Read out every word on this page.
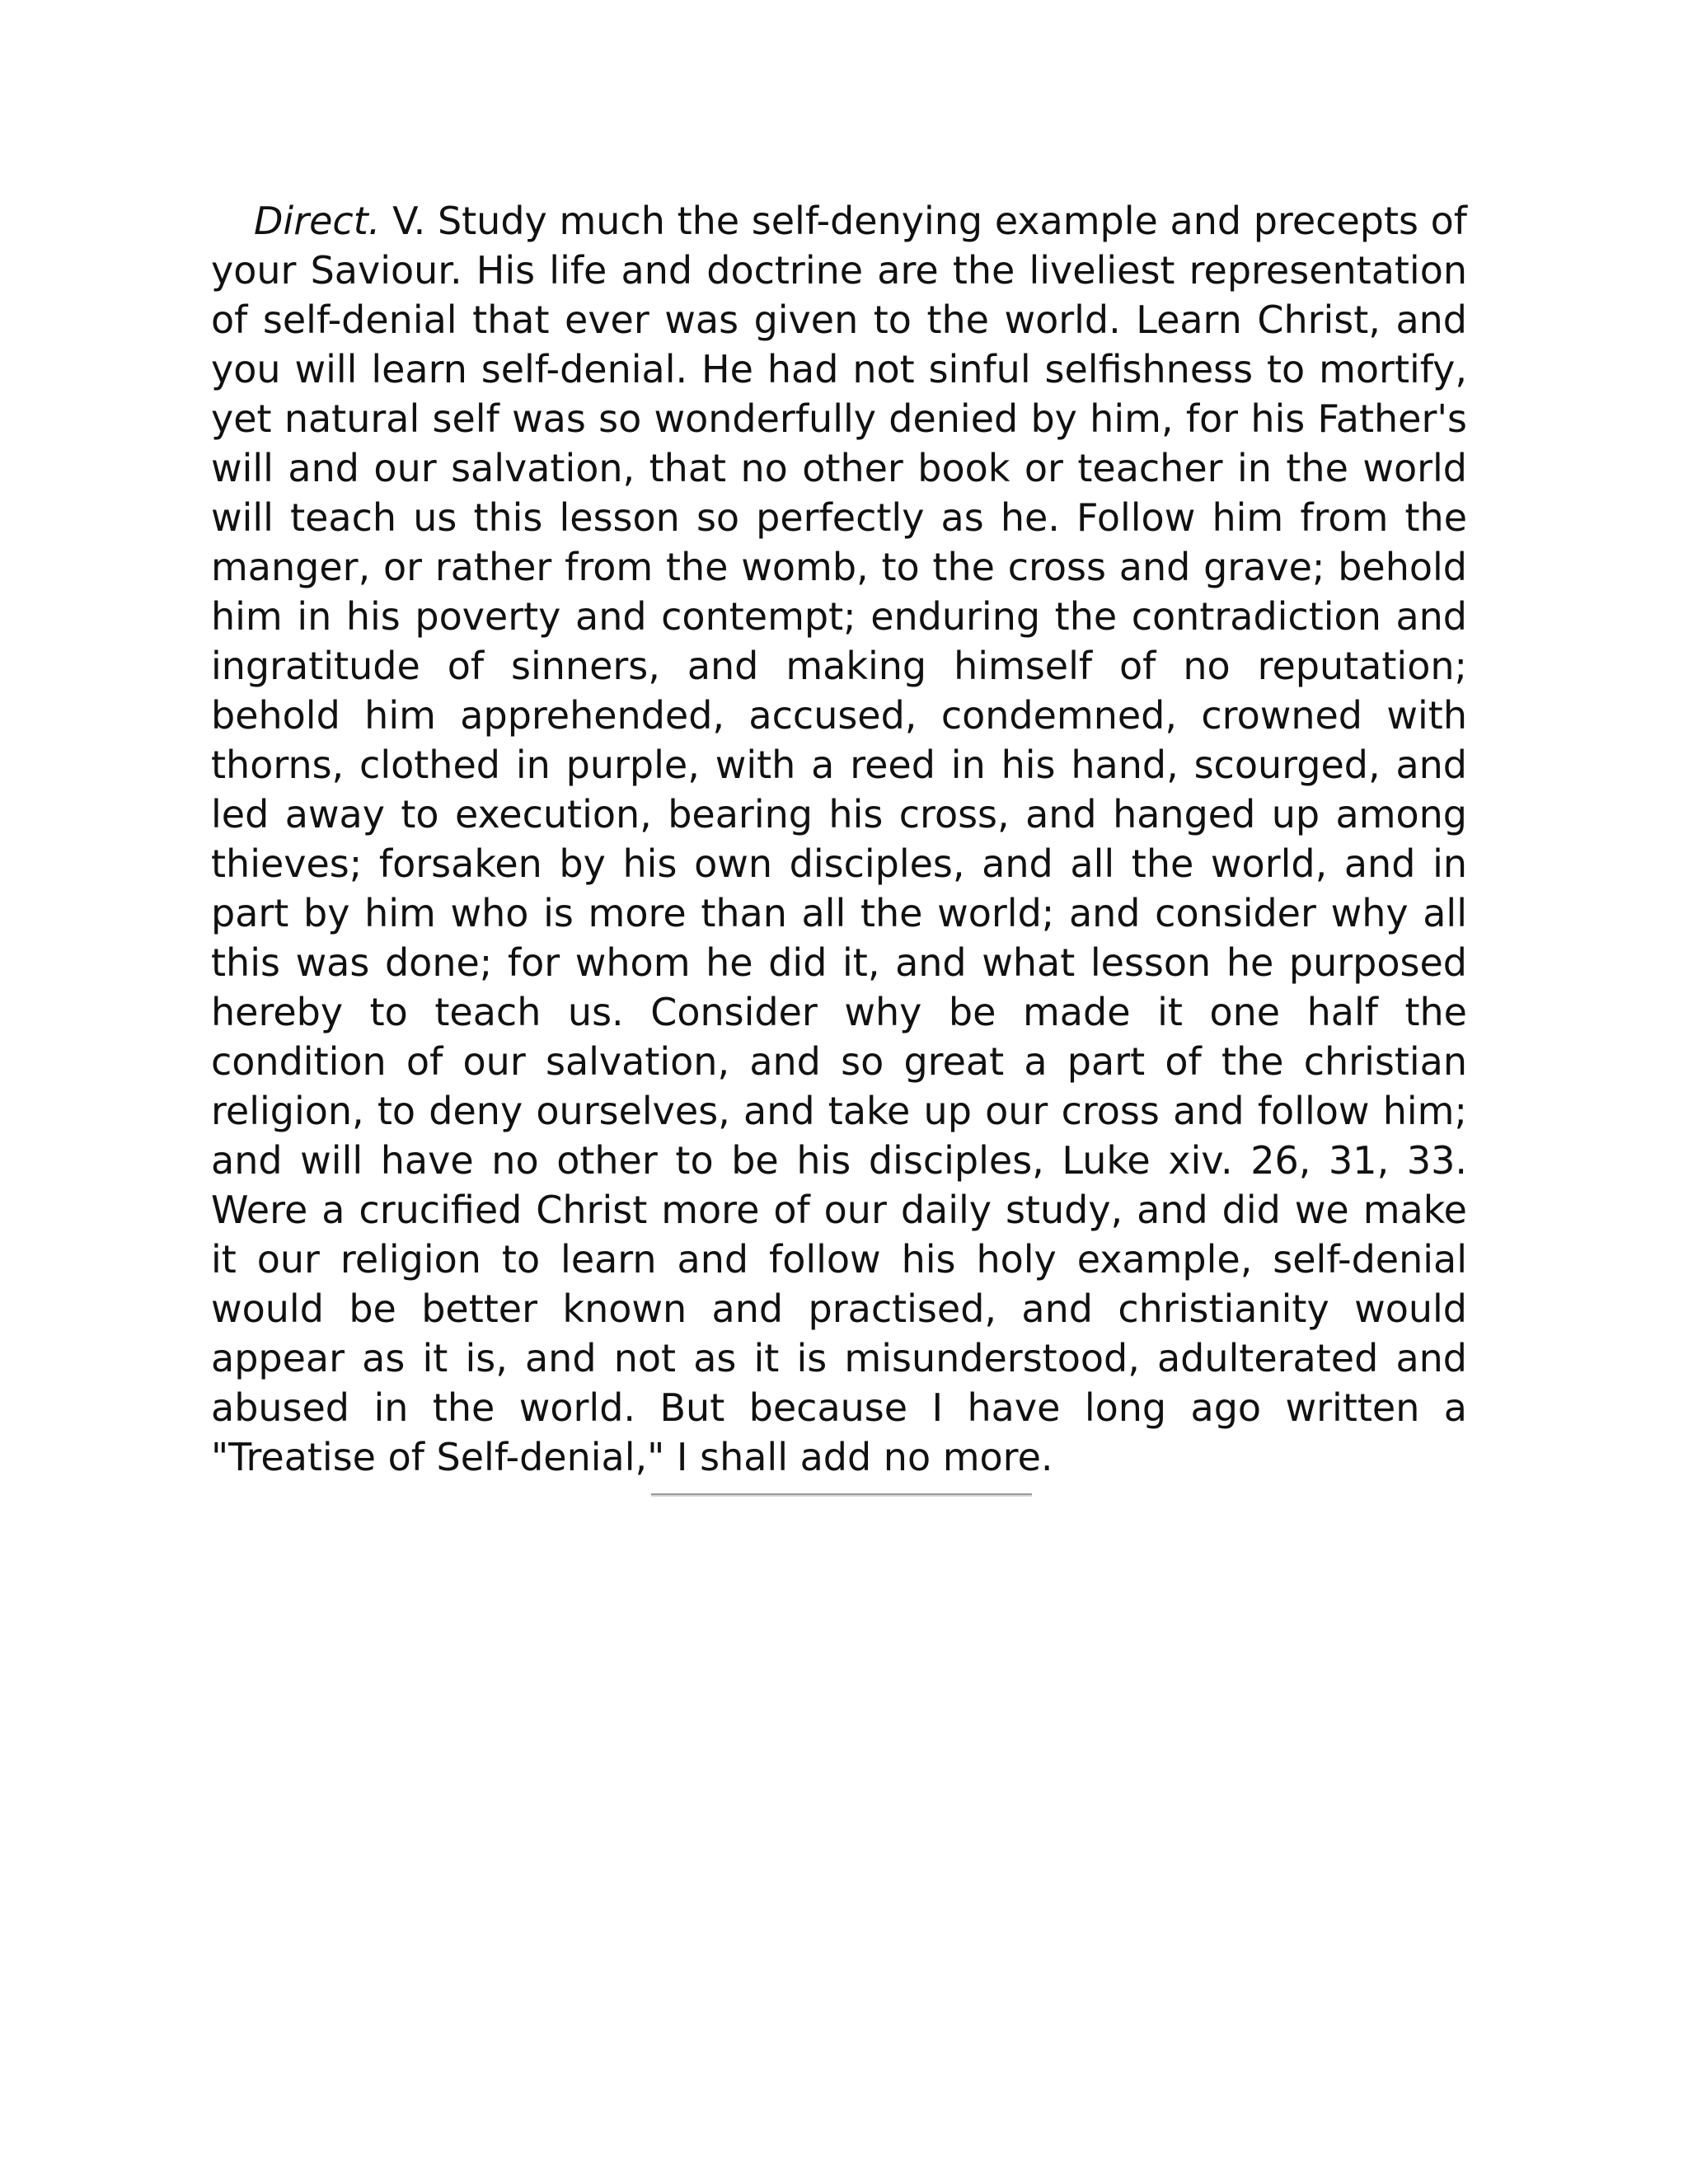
Direct. V. Study much the self-denying example and precepts of your Saviour. His life and doctrine are the liveliest representation of self-denial that ever was given to the world. Learn Christ, and you will learn self-denial. He had not sinful selfishness to mortify, yet natural self was so wonderfully denied by him, for his Father's will and our salvation, that no other book or teacher in the world will teach us this lesson so perfectly as he. Follow him from the manger, or rather from the womb, to the cross and grave; behold him in his poverty and contempt; enduring the contradiction and ingratitude of sinners, and making himself of no reputation; behold him apprehended, accused, condemned, crowned with thorns, clothed in purple, with a reed in his hand, scourged, and led away to execution, bearing his cross, and hanged up among thieves; forsaken by his own disciples, and all the world, and in part by him who is more than all the world; and consider why all this was done; for whom he did it, and what lesson he purposed hereby to teach us. Consider why be made it one half the condition of our salvation, and so great a part of the christian religion, to deny ourselves, and take up our cross and follow him; and will have no other to be his disciples, Luke xiv. 26, 31, 33. Were a crucified Christ more of our daily study, and did we make it our religion to learn and follow his holy example, self-denial would be better known and practised, and christianity would appear as it is, and not as it is misunderstood, adulterated and abused in the world. But because I have long ago written a "Treatise of Self-denial," I shall add no more.
